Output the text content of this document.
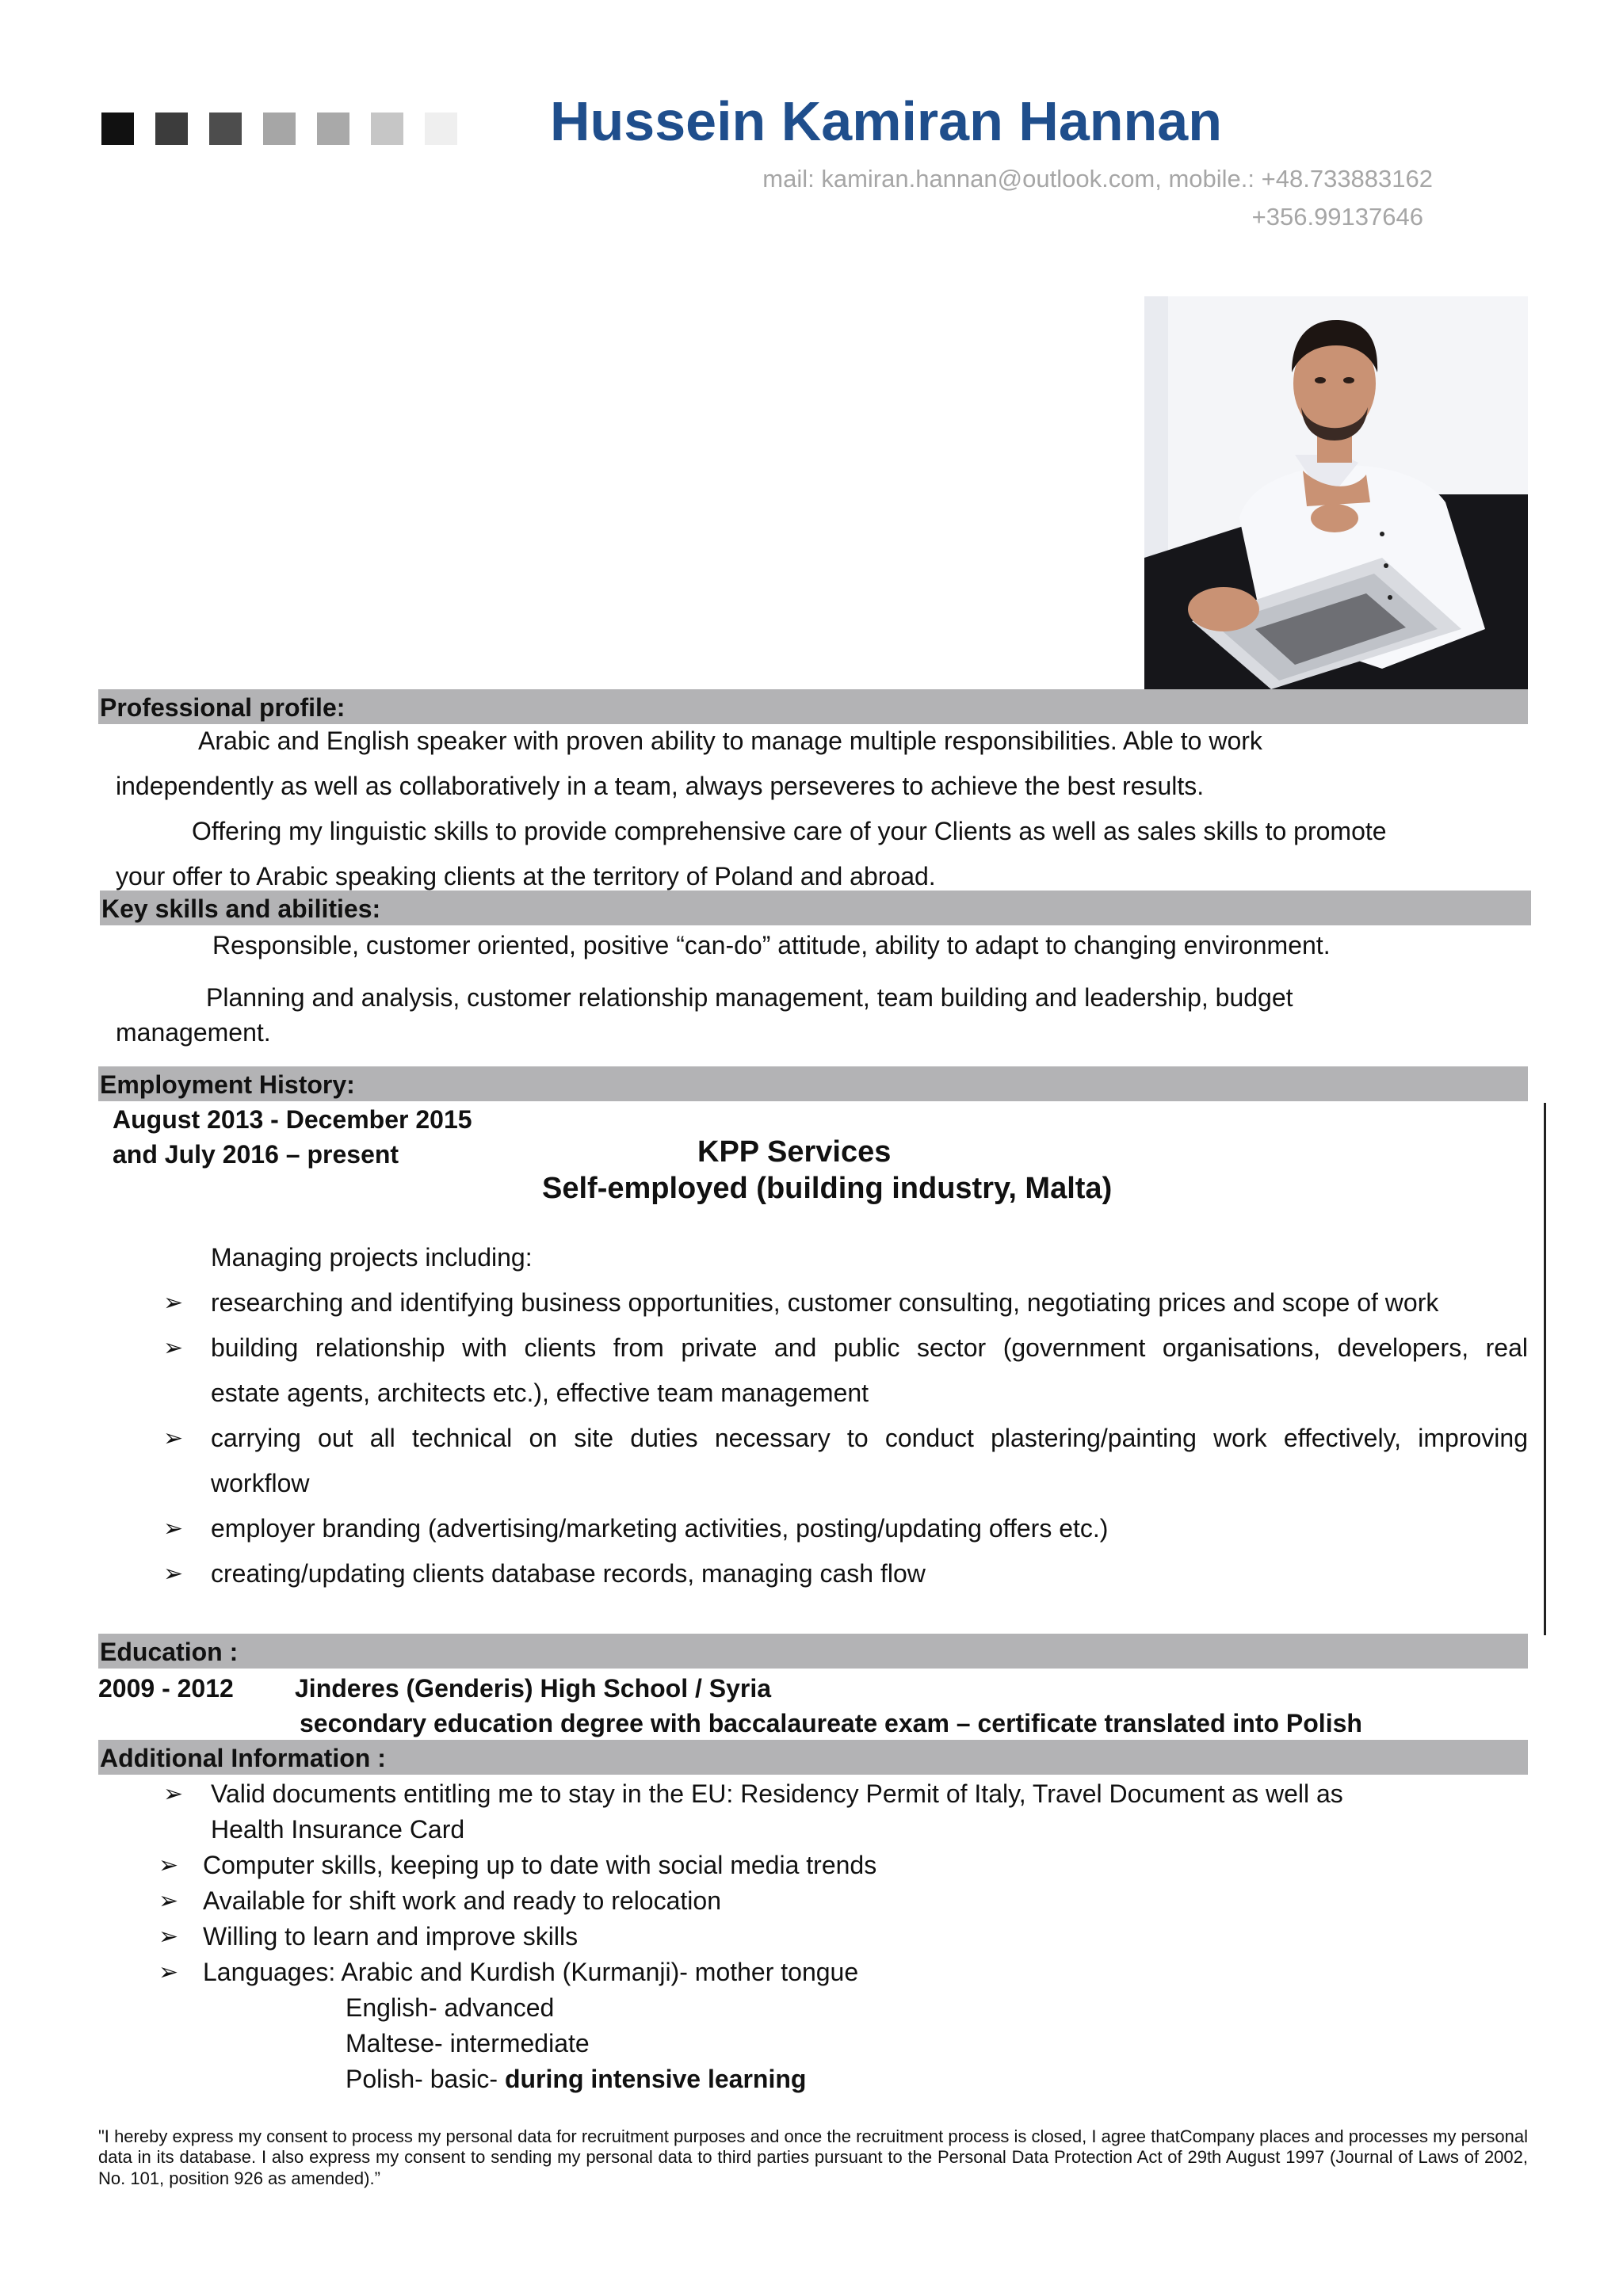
Hussein Kamiran Hannan
mail: kamiran.hannan@outlook.com, mobile.: +48.733883162
+356.99137646
Professional profile:
Arabic and English speaker with proven ability to manage multiple responsibilities. Able to work
independently as well as collaboratively in a team, always perseveres to achieve the best results.
Offering my linguistic skills to provide comprehensive care of your Clients as well as sales skills to promote
your offer to Arabic speaking clients at the territory of Poland and abroad.
Key skills and abilities:
Responsible, customer oriented, positive “can-do” attitude, ability to adapt to changing environment.
Planning and analysis, customer relationship management, team building and leadership, budget
management.
Employment History:
August 2013 - December 2015
and July 2016 – present	KPP Services
Self-employed (building industry, Malta)
Managing projects including:
➢ researching and identifying business opportunities, customer consulting, negotiating prices and scope of work
➢ building relationship with clients from private and public sector (government organisations, developers, real
estate agents, architects etc.), effective team management
➢ carrying out all technical on site duties necessary to conduct plastering/painting work effectively, improving
workflow
➢ employer branding (advertising/marketing activities, posting/updating offers etc.)
➢ creating/updating clients database records, managing cash flow
Education :
2009 - 2012 Jinderes (Genderis) High School / Syria
secondary education degree with baccalaureate exam – certificate translated into Polish
Additional Information :
➢ Valid documents entitling me to stay in the EU: Residency Permit of Italy, Travel Document as well as
Health Insurance Card
➢ Computer skills, keeping up to date with social media trends
➢ Available for shift work and ready to relocation
➢ Willing to learn and improve skills
➢ Languages: Arabic and Kurdish (Kurmanji)- mother tongue
English- advanced
Maltese- intermediate
Polish- basic- during intensive learning
"I hereby express my consent to process my personal data for recruitment purposes and once the recruitment process is closed, I agree thatCompany places and processes my personal data in its database. I also express my consent to sending my personal data to third parties pursuant to the Personal Data Protection Act of 29th August 1997 (Journal of Laws of 2002, No. 101, position 926 as amended).”
